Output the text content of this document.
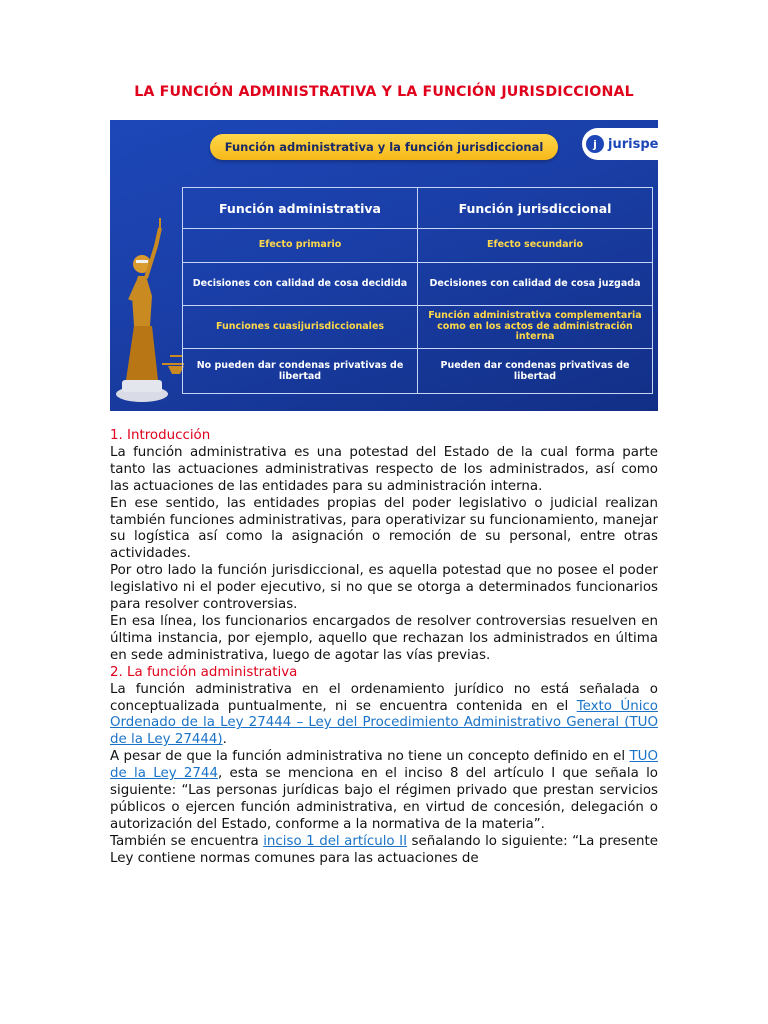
LA FUNCIÓN ADMINISTRATIVA Y LA FUNCIÓN JURISDICCIONAL
Función administrativa y la función jurisdiccional	j jurispe
Función administrativa	Función jurisdiccional
Efecto primario	Efecto secundario
Decisiones con calidad de cosa decidida	Decisiones con calidad de cosa juzgada
Funciones cuasijurisdiccionales	Función administrativa complementaria como en los actos de administración interna
No pueden dar condenas privativas de libertad	Pueden dar condenas privativas de libertad
1. Introducción

La función administrativa es una potestad del Estado de la cual forma parte tanto las actuaciones administrativas respecto de los administrados, así como las actuaciones de las entidades para su administración interna.

En ese sentido, las entidades propias del poder legislativo o judicial realizan también funciones administrativas, para operativizar su funcionamiento, manejar su logística así como la asignación o remoción de su personal, entre otras actividades.

Por otro lado la función jurisdiccional, es aquella potestad que no posee el poder legislativo ni el poder ejecutivo, si no que se otorga a determinados funcionarios para resolver controversias.

En esa línea, los funcionarios encargados de resolver controversias resuelven en última instancia, por ejemplo, aquello que rechazan los administrados en última en sede administrativa, luego de agotar las vías previas.

2. La función administrativa

La función administrativa en el ordenamiento jurídico no está señalada o conceptualizada puntualmente, ni se encuentra contenida en el Texto Único Ordenado de la Ley 27444 – Ley del Procedimiento Administrativo General (TUO de la Ley 27444).

A pesar de que la función administrativa no tiene un concepto definido en el TUO de la Ley 2744, esta se menciona en el inciso 8 del artículo I que señala lo siguiente: “Las personas jurídicas bajo el régimen privado que prestan servicios públicos o ejercen función administrativa, en virtud de concesión, delegación o autorización del Estado, conforme a la normativa de la materia”.

También se encuentra inciso 1 del artículo II señalando lo siguiente: “La presente Ley contiene normas comunes para las actuaciones de
